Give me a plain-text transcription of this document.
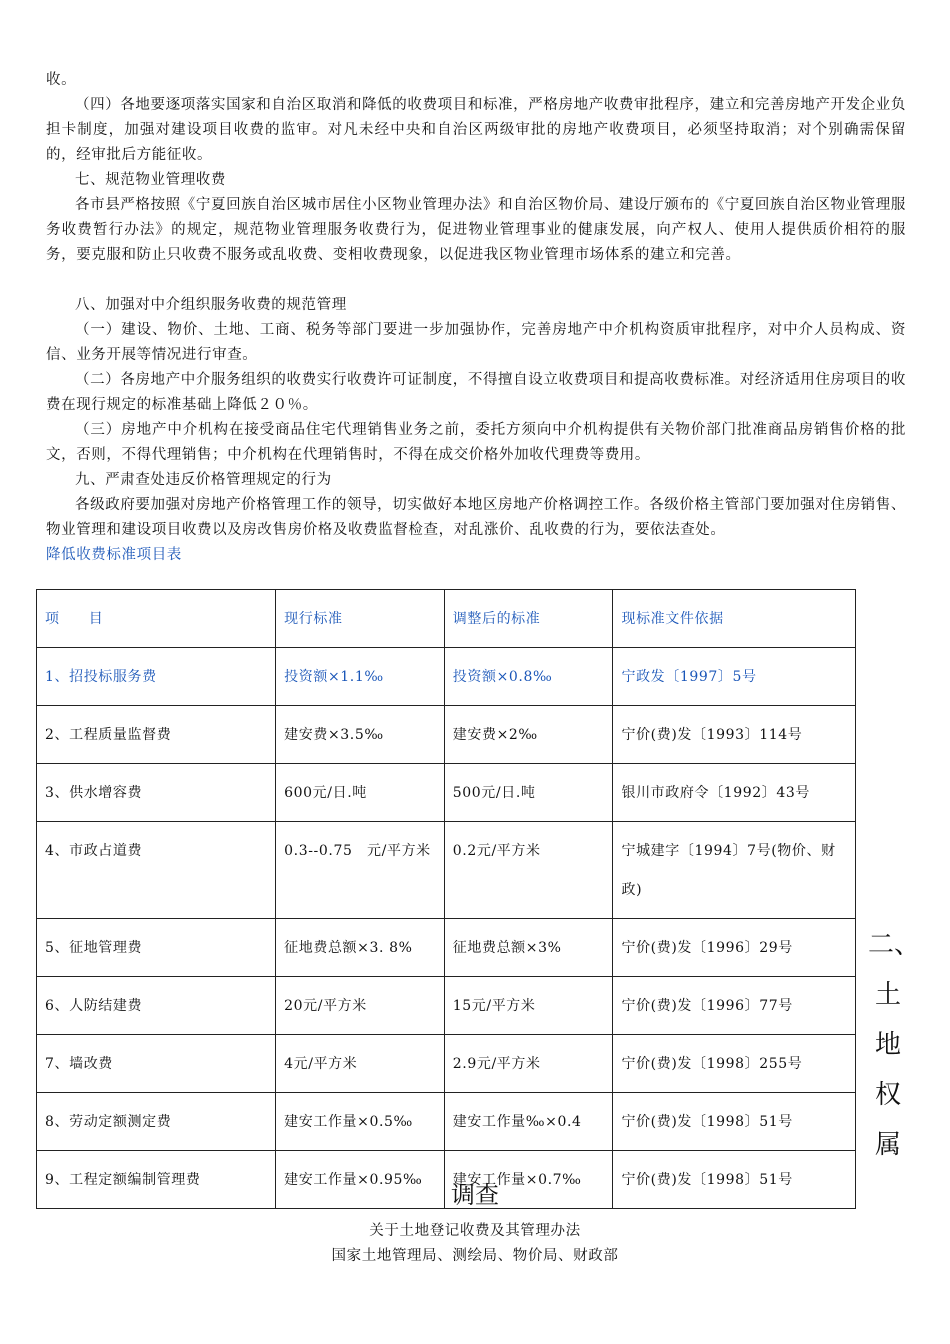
收。

（四）各地要逐项落实国家和自治区取消和降低的收费项目和标准，严格房地产收费审批程序，建立和完善房地产开发企业负担卡制度，加强对建设项目收费的监审。对凡未经中央和自治区两级审批的房地产收费项目，必须坚持取消；对个别确需保留的，经审批后方能征收。

七、规范物业管理收费

各市县严格按照《宁夏回族自治区城市居住小区物业管理办法》和自治区物价局、建设厅颁布的《宁夏回族自治区物业管理服务收费暂行办法》的规定，规范物业管理服务收费行为，促进物业管理事业的健康发展，向产权人、使用人提供质价相符的服务，要克服和防止只收费不服务或乱收费、变相收费现象，以促进我区物业管理市场体系的建立和完善。

八、加强对中介组织服务收费的规范管理

（一）建设、物价、土地、工商、税务等部门要进一步加强协作，完善房地产中介机构资质审批程序，对中介人员构成、资信、业务开展等情况进行审查。

（二）各房地产中介服务组织的收费实行收费许可证制度，不得擅自设立收费项目和提高收费标准。对经济适用住房项目的收费在现行规定的标准基础上降低２０％。

（三）房地产中介机构在接受商品住宅代理销售业务之前，委托方须向中介机构提供有关物价部门批准商品房销售价格的批文，否则，不得代理销售；中介机构在代理销售时，不得在成交价格外加收代理费等费用。

九、严肃查处违反价格管理规定的行为

各级政府要加强对房地产价格管理工作的领导，切实做好本地区房地产价格调控工作。各级价格主管部门要加强对住房销售、物业管理和建设项目收费以及房改售房价格及收费监督检查，对乱涨价、乱收费的行为，要依法查处。

降低收费标准项目表

项　　目	现行标准	调整后的标准	现标准文件依据
1、招投标服务费	投资额×1.1‰	投资额×0.8‰	宁政发〔1997〕5号
2、工程质量监督费	建安费×3.5‰	建安费×2‰	宁价(费)发〔1993〕114号
3、供水增容费	600元/日.吨	500元/日.吨	银川市政府令〔1992〕43号
4、市政占道费	0.3--0.75　元/平方米	0.2元/平方米	宁城建字〔1994〕7号(物价、财政)
5、征地管理费	征地费总额×3. 8%	征地费总额×3%	宁价(费)发〔1996〕29号
6、人防结建费	20元/平方米	15元/平方米	宁价(费)发〔1996〕77号
7、墙改费	4元/平方米	2.9元/平方米	宁价(费)发〔1998〕255号
8、劳动定额测定费	建安工作量×0.5‰	建安工作量‰×0.4	宁价(费)发〔1998〕51号
9、工程定额编制管理费	建安工作量×0.95‰	建安工作量×0.7‰	宁价(费)发〔1998〕51号
二、
土
地
权
属
调查
关于土地登记收费及其管理办法
国家土地管理局、测绘局、物价局、财政部
